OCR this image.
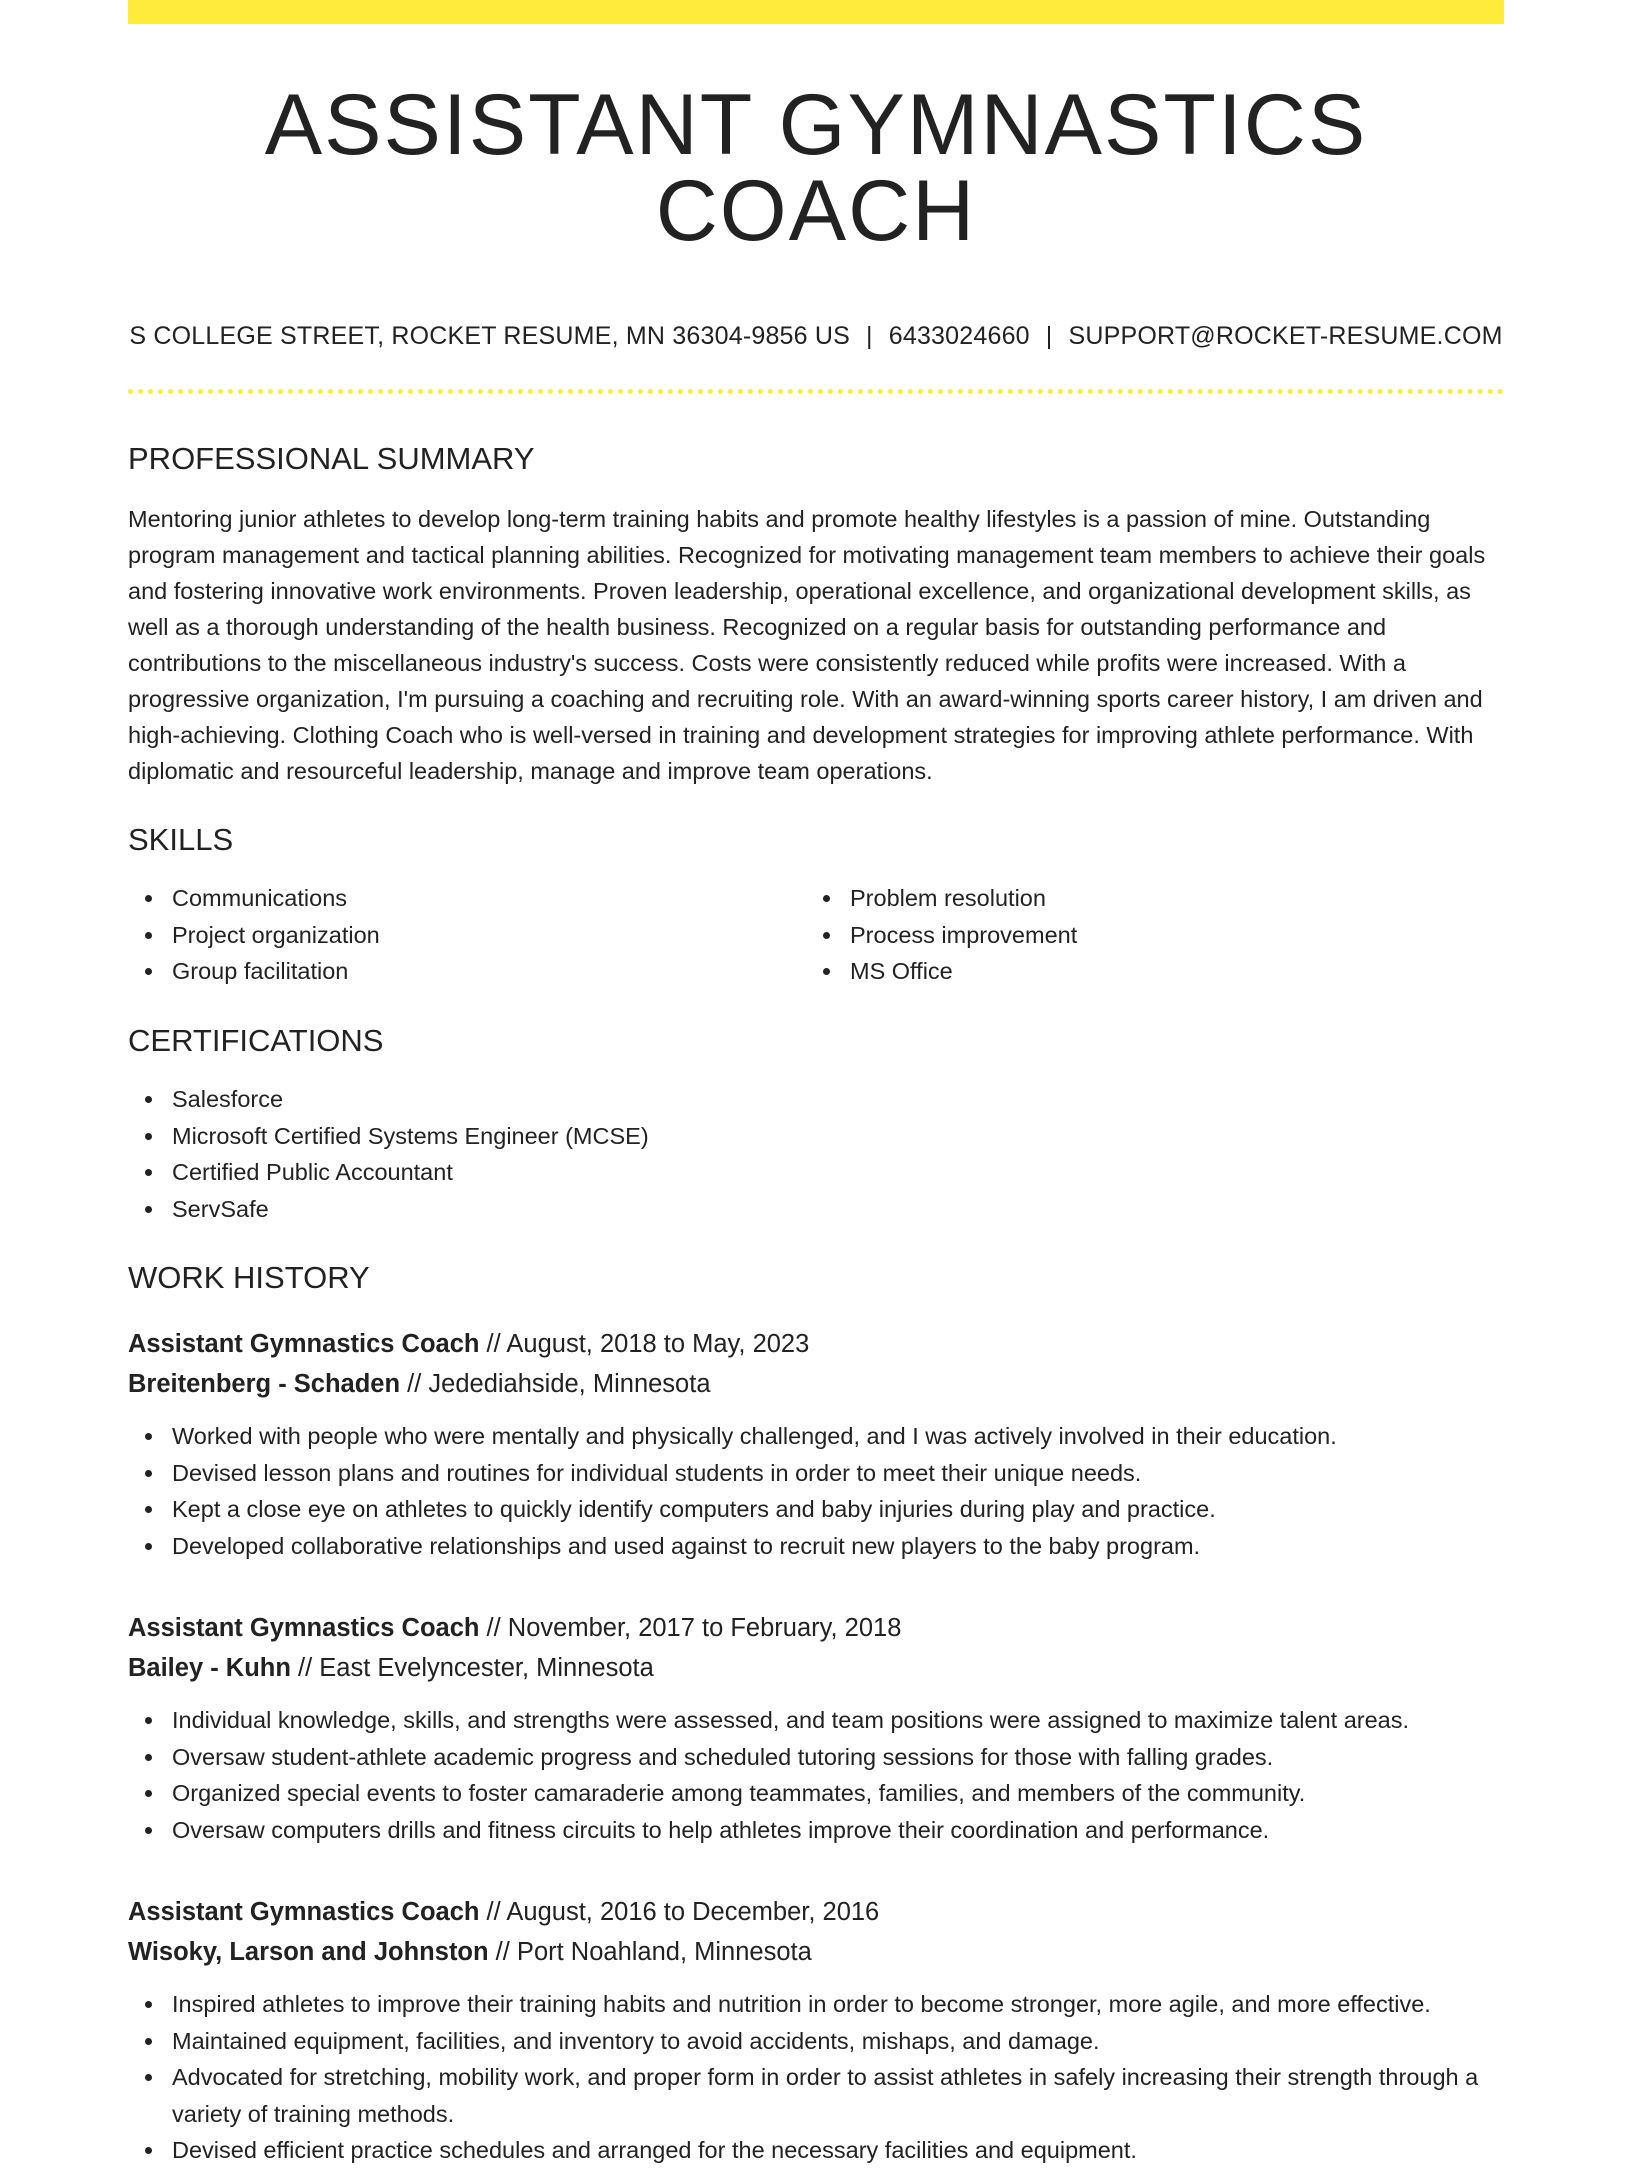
ASSISTANT GYMNASTICS COACH
S COLLEGE STREET, ROCKET RESUME, MN 36304-9856 US | 6433024660 | SUPPORT@ROCKET-RESUME.COM
PROFESSIONAL SUMMARY

Mentoring junior athletes to develop long-term training habits and promote healthy lifestyles is a passion of mine. Outstanding program management and tactical planning abilities. Recognized for motivating management team members to achieve their goals and fostering innovative work environments. Proven leadership, operational excellence, and organizational development skills, as well as a thorough understanding of the health business. Recognized on a regular basis for outstanding performance and contributions to the miscellaneous industry's success. Costs were consistently reduced while profits were increased. With a progressive organization, I'm pursuing a coaching and recruiting role. With an award-winning sports career history, I am driven and high-achieving. Clothing Coach who is well-versed in training and development strategies for improving athlete performance. With diplomatic and resourceful leadership, manage and improve team operations.

SKILLS
Communications
Project organization
Group facilitation
Problem resolution
Process improvement
MS Office
CERTIFICATIONS
Salesforce
Microsoft Certified Systems Engineer (MCSE)
Certified Public Accountant
ServSafe
WORK HISTORY
Assistant Gymnastics Coach // August, 2018 to May, 2023
Breitenberg - Schaden // Jedediahside, Minnesota
Worked with people who were mentally and physically challenged, and I was actively involved in their education.
Devised lesson plans and routines for individual students in order to meet their unique needs.
Kept a close eye on athletes to quickly identify computers and baby injuries during play and practice.
Developed collaborative relationships and used against to recruit new players to the baby program.
Assistant Gymnastics Coach // November, 2017 to February, 2018
Bailey - Kuhn // East Evelyncester, Minnesota
Individual knowledge, skills, and strengths were assessed, and team positions were assigned to maximize talent areas.
Oversaw student-athlete academic progress and scheduled tutoring sessions for those with falling grades.
Organized special events to foster camaraderie among teammates, families, and members of the community.
Oversaw computers drills and fitness circuits to help athletes improve their coordination and performance.
Assistant Gymnastics Coach // August, 2016 to December, 2016
Wisoky, Larson and Johnston // Port Noahland, Minnesota
Inspired athletes to improve their training habits and nutrition in order to become stronger, more agile, and more effective.
Maintained equipment, facilities, and inventory to avoid accidents, mishaps, and damage.
Advocated for stretching, mobility work, and proper form in order to assist athletes in safely increasing their strength through a variety of training methods.
Devised efficient practice schedules and arranged for the necessary facilities and equipment.
